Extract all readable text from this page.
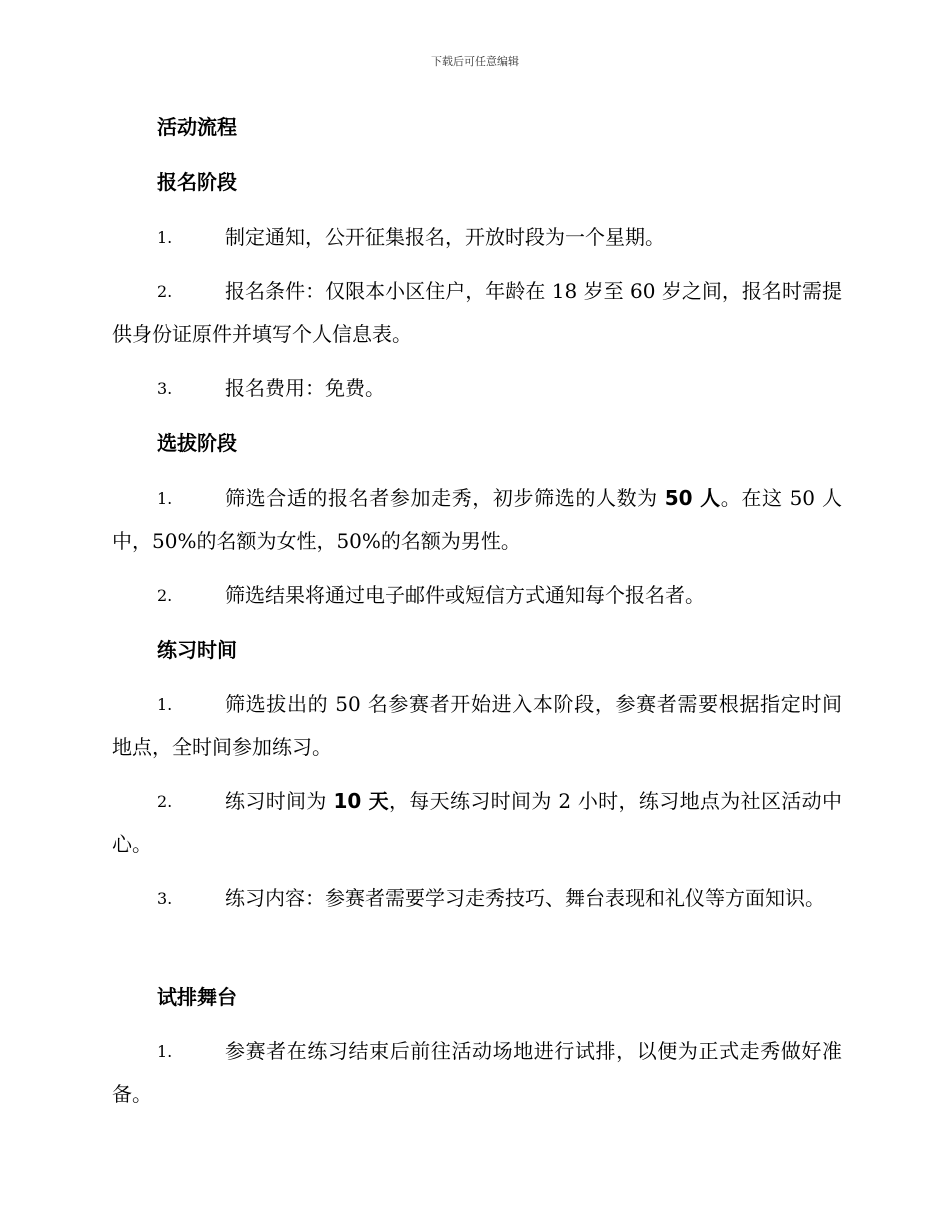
下载后可任意编辑
活动流程
报名阶段
1.	制定通知，公开征集报名，开放时段为一个星期。
2.	报名条件：仅限本小区住户，年龄在 18 岁至 60 岁之间，报名时需提供身份证原件并填写个人信息表。
3.	报名费用：免费。
选拔阶段
1.	筛选合适的报名者参加走秀，初步筛选的人数为 50 人。在这 50 人中，50%的名额为女性，50%的名额为男性。
2.	筛选结果将通过电子邮件或短信方式通知每个报名者。
练习时间
1.	筛选拔出的 50 名参赛者开始进入本阶段，参赛者需要根据指定时间地点，全时间参加练习。
2.	练习时间为 10 天，每天练习时间为 2 小时，练习地点为社区活动中心。
3.	练习内容：参赛者需要学习走秀技巧、舞台表现和礼仪等方面知识。
试排舞台
1.	参赛者在练习结束后前往活动场地进行试排，以便为正式走秀做好准备。
